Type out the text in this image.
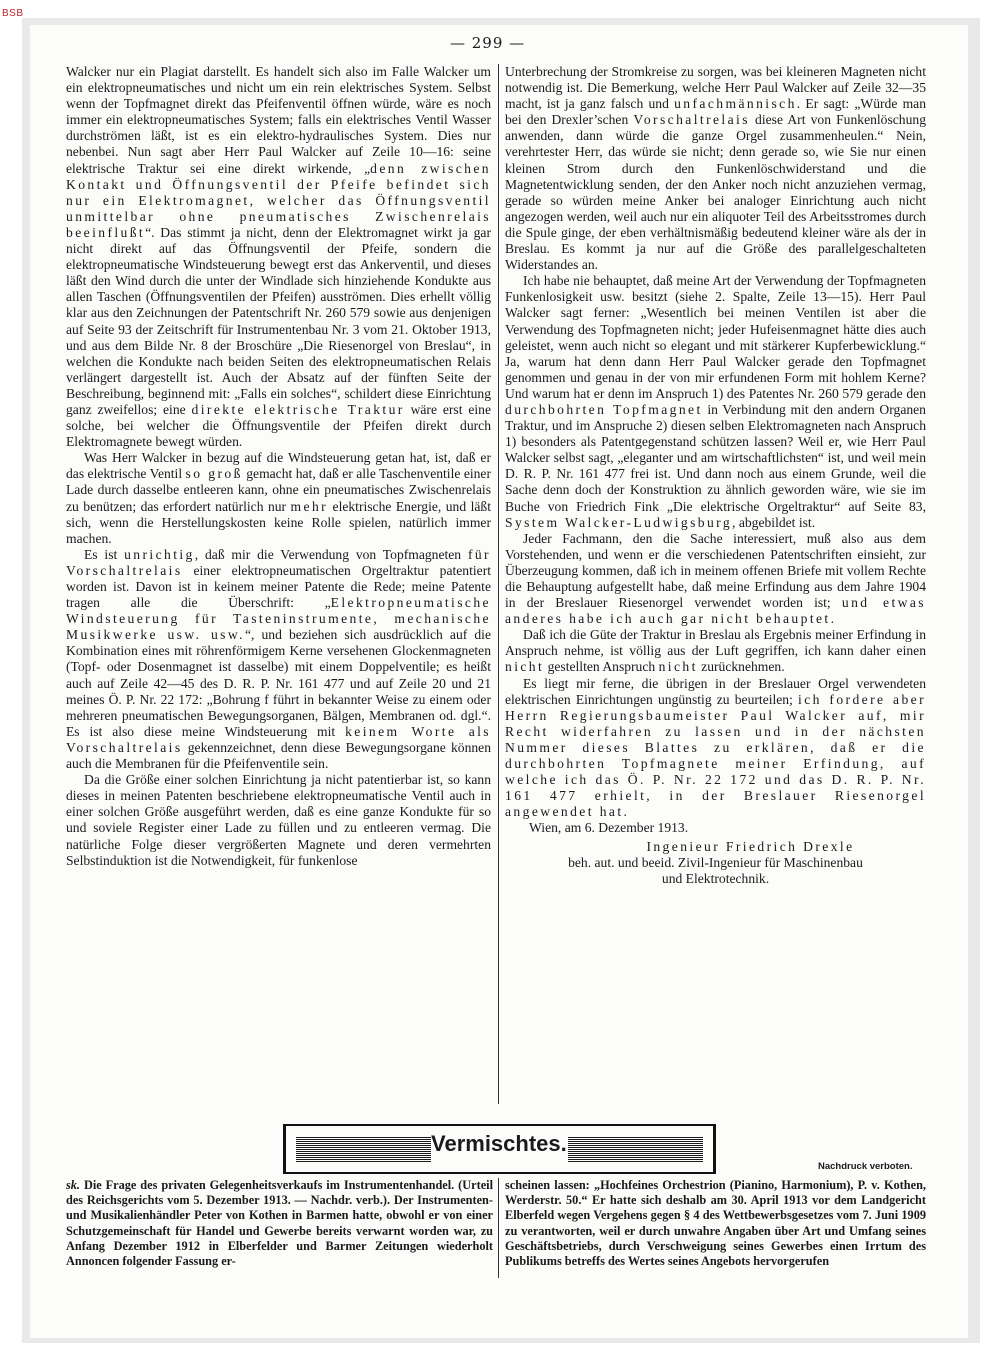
BSB
— 299 —

Walcker nur ein Plagiat darstellt. Es handelt sich also im Falle Walcker um ein elektropneumatisches und nicht um ein rein elektrisches System. Selbst wenn der Topfmagnet direkt das Pfeifenventil öffnen würde, wäre es noch immer ein elektropneumatisches System; falls ein elektrisches Ventil Wasser durchströmen läßt, ist es ein elektro-hydraulisches System. Dies nur nebenbei. Nun sagt aber Herr Paul Walcker auf Zeile 10—16: seine elektrische Traktur sei eine direkt wirkende, „denn zwischen Kontakt und Öffnungsventil der Pfeife befindet sich nur ein Elektromagnet, welcher das Öffnungsventil unmittelbar ohne pneumatisches Zwischenrelais beeinflußt“. Das stimmt ja nicht, denn der Elektromagnet wirkt ja gar nicht direkt auf das Öffnungsventil der Pfeife, sondern die elektropneumatische Windsteuerung bewegt erst das Ankerventil, und dieses läßt den Wind durch die unter der Windlade sich hinziehende Kondukte aus allen Taschen (Öffnungsventilen der Pfeifen) ausströmen. Dies erhellt völlig klar aus den Zeichnungen der Patentschrift Nr. 260 579 sowie aus denjenigen auf Seite 93 der Zeitschrift für Instrumentenbau Nr. 3 vom 21. Oktober 1913, und aus dem Bilde Nr. 8 der Broschüre „Die Riesenorgel von Breslau“, in welchen die Kondukte nach beiden Seiten des elektropneumatischen Relais verlängert dargestellt ist. Auch der Absatz auf der fünften Seite der Beschreibung, beginnend mit: „Falls ein solches“, schildert diese Einrichtung ganz zweifellos; eine direkte elektrische Traktur wäre erst eine solche, bei welcher die Öffnungsventile der Pfeifen direkt durch Elektromagnete bewegt würden.

Was Herr Walcker in bezug auf die Windsteuerung getan hat, ist, daß er das elektrische Ventil so groß gemacht hat, daß er alle Taschenventile einer Lade durch dasselbe entleeren kann, ohne ein pneumatisches Zwischenrelais zu benützen; das erfordert natürlich nur mehr elektrische Energie, und läßt sich, wenn die Herstellungskosten keine Rolle spielen, natürlich immer machen.

Es ist unrichtig, daß mir die Verwendung von Topfmagneten für Vorschaltrelais einer elektropneumatischen Orgeltraktur patentiert worden ist. Davon ist in keinem meiner Patente die Rede; meine Patente tragen alle die Überschrift: „Elektropneumatische Windsteuerung für Tasteninstrumente, mechanische Musikwerke usw. usw.“, und beziehen sich ausdrücklich auf die Kombination eines mit röhrenförmigem Kerne versehenen Glockenmagneten (Topf- oder Dosenmagnet ist dasselbe) mit einem Doppelventile; es heißt auch auf Zeile 42—45 des D. R. P. Nr. 161 477 und auf Zeile 20 und 21 meines Ö. P. Nr. 22 172: „Bohrung f führt in bekannter Weise zu einem oder mehreren pneumatischen Bewegungsorganen, Bälgen, Membranen od. dgl.“. Es ist also diese meine Windsteuerung mit keinem Worte als Vorschaltrelais gekennzeichnet, denn diese Bewegungsorgane können auch die Membranen für die Pfeifenventile sein.

Da die Größe einer solchen Einrichtung ja nicht patentierbar ist, so kann dieses in meinen Patenten beschriebene elektropneumatische Ventil auch in einer solchen Größe ausgeführt werden, daß es eine ganze Kondukte für so und soviele Register einer Lade zu füllen und zu entleeren vermag. Die natürliche Folge dieser vergrößerten Magnete und deren vermehrten Selbstinduktion ist die Notwendigkeit, für funkenlose

Unterbrechung der Stromkreise zu sorgen, was bei kleineren Magneten nicht notwendig ist. Die Bemerkung, welche Herr Paul Walcker auf Zeile 32—35 macht, ist ja ganz falsch und unfachmännisch. Er sagt: „Würde man bei den Drexler’schen Vorschaltrelais diese Art von Funkenlöschung anwenden, dann würde die ganze Orgel zusammenheulen.“ Nein, verehrtester Herr, das würde sie nicht; denn gerade so, wie Sie nur einen kleinen Strom durch den Funkenlöschwiderstand und die Magnetentwicklung senden, der den Anker noch nicht anzuziehen vermag, gerade so würden meine Anker bei analoger Einrichtung auch nicht angezogen werden, weil auch nur ein aliquoter Teil des Arbeitsstromes durch die Spule ginge, der eben verhältnismäßig bedeutend kleiner wäre als der in Breslau. Es kommt ja nur auf die Größe des parallelgeschalteten Widerstandes an.

Ich habe nie behauptet, daß meine Art der Verwendung der Topfmagneten Funkenlosigkeit usw. besitzt (siehe 2. Spalte, Zeile 13—15). Herr Paul Walcker sagt ferner: „Wesentlich bei meinen Ventilen ist aber die Verwendung des Topfmagneten nicht; jeder Hufeisenmagnet hätte dies auch geleistet, wenn auch nicht so elegant und mit stärkerer Kupferbewicklung.“ Ja, warum hat denn dann Herr Paul Walcker gerade den Topfmagnet genommen und genau in der von mir erfundenen Form mit hohlem Kerne? Und warum hat er denn im Anspruch 1) des Patentes Nr. 260 579 gerade den durchbohrten Topfmagnet in Verbindung mit den andern Organen Traktur, und im Anspruche 2) diesen selben Elektromagneten nach Anspruch 1) besonders als Patentgegenstand schützen lassen? Weil er, wie Herr Paul Walcker selbst sagt, „eleganter und am wirtschaftlichsten“ ist, und weil mein D. R. P. Nr. 161 477 frei ist. Und dann noch aus einem Grunde, weil die Sache denn doch der Konstruktion zu ähnlich geworden wäre, wie sie im Buche von Friedrich Fink „Die elektrische Orgeltraktur“ auf Seite 83, System Walcker-Ludwigsburg, abgebildet ist.

Jeder Fachmann, den die Sache interessiert, muß also aus dem Vorstehenden, und wenn er die verschiedenen Patentschriften einsieht, zur Überzeugung kommen, daß ich in meinem offenen Briefe mit vollem Rechte die Behauptung aufgestellt habe, daß meine Erfindung aus dem Jahre 1904 in der Breslauer Riesenorgel verwendet worden ist; und etwas anderes habe ich auch gar nicht behauptet.

Daß ich die Güte der Traktur in Breslau als Ergebnis meiner Erfindung in Anspruch nehme, ist völlig aus der Luft gegriffen, ich kann daher einen nicht gestellten Anspruch nicht zurücknehmen.

Es liegt mir ferne, die übrigen in der Breslauer Orgel verwendeten elektrischen Einrichtungen ungünstig zu beurteilen; ich fordere aber Herrn Regierungsbaumeister Paul Walcker auf, mir Recht widerfahren zu lassen und in der nächsten Nummer dieses Blattes zu erklären, daß er die durchbohrten Topfmagnete meiner Erfindung, auf welche ich das Ö. P. Nr. 22 172 und das D. R. P. Nr. 161 477 erhielt, in der Breslauer Riesenorgel angewendet hat.

Wien, am 6. Dezember 1913.

Ingenieur Friedrich Drexle
beh. aut. und beeid. Zivil-Ingenieur für Maschinenbau
und Elektrotechnik.
Vermischtes.
Nachdruck verboten.
sk. Die Frage des privaten Gelegenheitsverkaufs im Instrumentenhandel. (Urteil des Reichsgerichts vom 5. Dezember 1913. — Nachdr. verb.). Der Instrumenten- und Musikalienhändler Peter von Kothen in Barmen hatte, obwohl er von einer Schutzgemeinschaft für Handel und Gewerbe bereits verwarnt worden war, zu Anfang Dezember 1912 in Elberfelder und Barmer Zeitungen wiederholt Annoncen folgender Fassung er-
scheinen lassen: „Hochfeines Orchestrion (Pianino, Harmonium), P. v. Kothen, Werderstr. 50.“ Er hatte sich deshalb am 30. April 1913 vor dem Landgericht Elberfeld wegen Vergehens gegen § 4 des Wettbewerbsgesetzes vom 7. Juni 1909 zu verantworten, weil er durch unwahre Angaben über Art und Umfang seines Geschäftsbetriebs, durch Verschweigung seines Gewerbes einen Irrtum des Publikums betreffs des Wertes seines Angebots hervorgerufen
